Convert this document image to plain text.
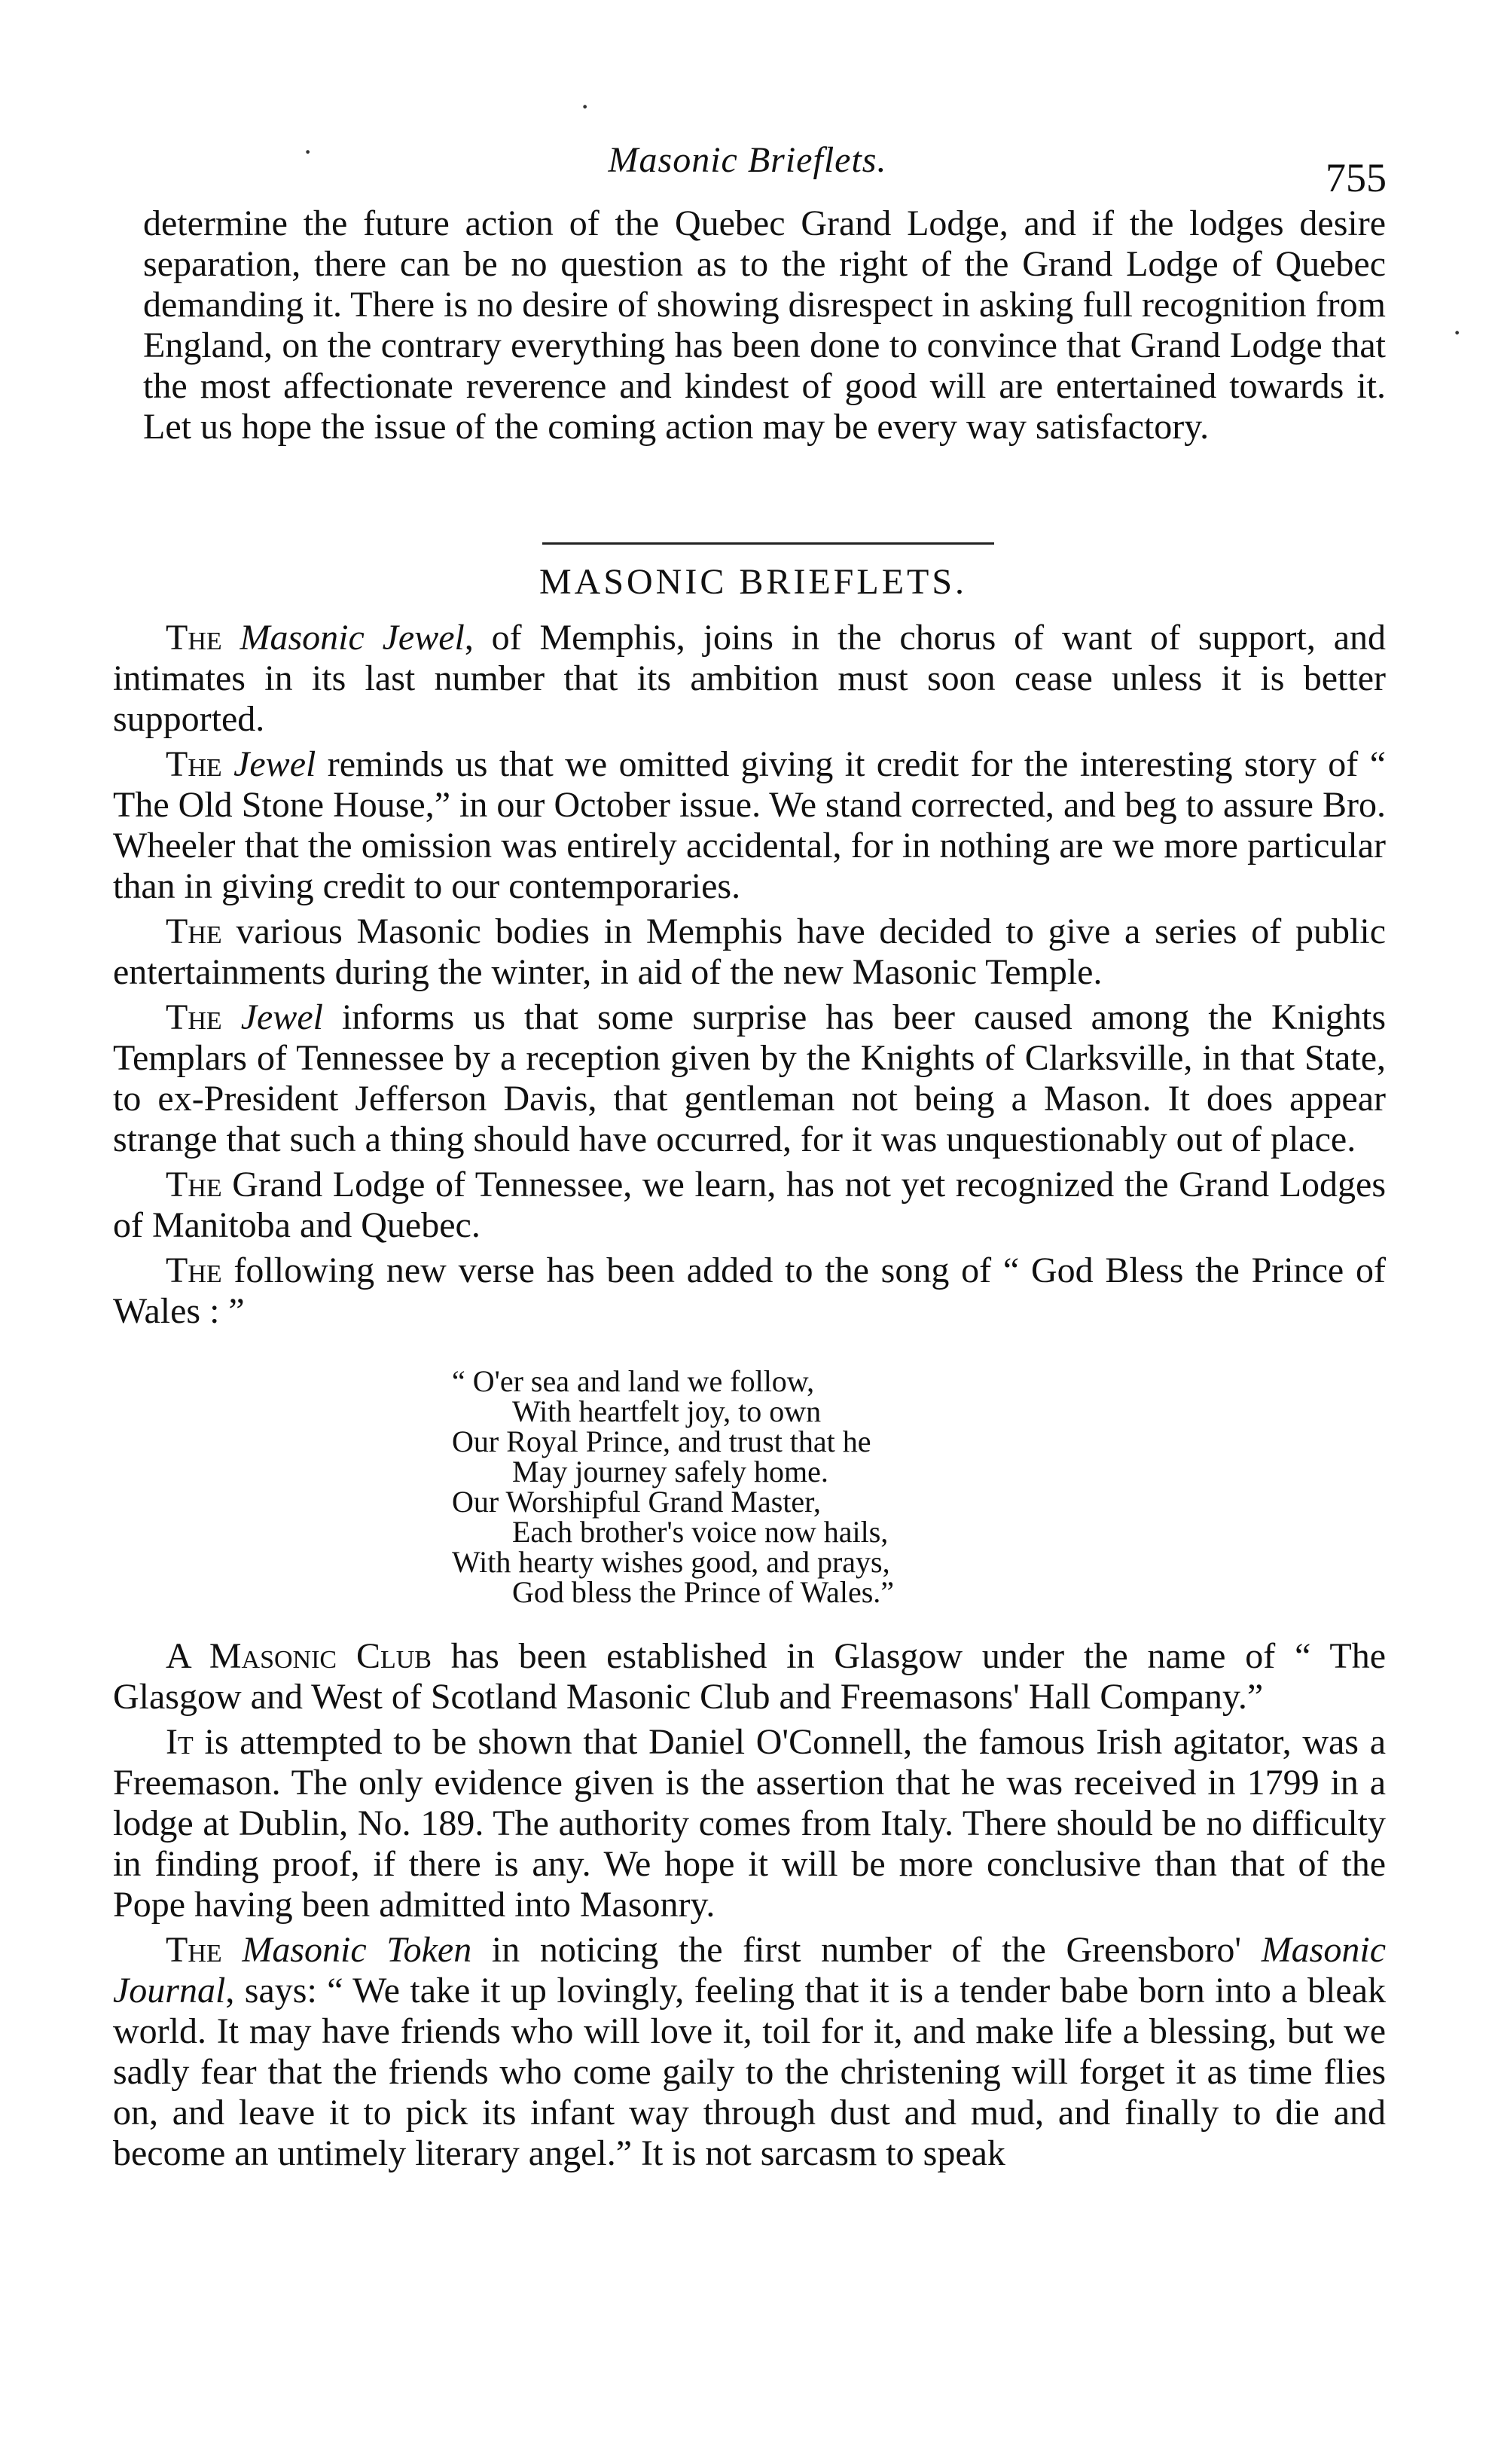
·
·
·
Masonic Brieflets.	755
determine the future action of the Quebec Grand Lodge, and if the lodges desire separation, there can be no question as to the right of the Grand Lodge of Quebec demanding it. There is no desire of showing disrespect in asking full recognition from England, on the contrary everything has been done to convince that Grand Lodge that the most affectionate reverence and kindest of good will are entertained towards it. Let us hope the issue of the coming action may be every way satisfactory.
MASONIC BRIEFLETS.

The Masonic Jewel, of Memphis, joins in the chorus of want of support, and intimates in its last number that its ambition must soon cease unless it is better supported.

The Jewel reminds us that we omitted giving it credit for the interesting story of “ The Old Stone House,” in our October issue. We stand corrected, and beg to assure Bro. Wheeler that the omission was entirely accidental, for in nothing are we more particular than in giving credit to our contemporaries.

The various Masonic bodies in Memphis have decided to give a series of public entertainments during the winter, in aid of the new Masonic Temple.

The Jewel informs us that some surprise has beer caused among the Knights Templars of Tennessee by a reception given by the Knights of Clarksville, in that State, to ex-President Jefferson Davis, that gentleman not being a Mason. It does appear strange that such a thing should have occurred, for it was unquestionably out of place.

The Grand Lodge of Tennessee, we learn, has not yet recognized the Grand Lodges of Manitoba and Quebec.

The following new verse has been added to the song of “ God Bless the Prince of Wales : ”

“ O'er sea and land we follow,
With heartfelt joy, to own
Our Royal Prince, and trust that he
May journey safely home.
Our Worshipful Grand Master,
Each brother's voice now hails,
With hearty wishes good, and prays,
God bless the Prince of Wales.”

A Masonic Club has been established in Glasgow under the name of “ The Glasgow and West of Scotland Masonic Club and Freemasons' Hall Company.”

It is attempted to be shown that Daniel O'Connell, the famous Irish agitator, was a Freemason. The only evidence given is the assertion that he was received in 1799 in a lodge at Dublin, No. 189. The authority comes from Italy. There should be no difficulty in finding proof, if there is any. We hope it will be more conclusive than that of the Pope having been admitted into Masonry.

The Masonic Token in noticing the first number of the Greensboro' Masonic Journal, says: “ We take it up lovingly, feeling that it is a tender babe born into a bleak world. It may have friends who will love it, toil for it, and make life a blessing, but we sadly fear that the friends who come gaily to the christening will forget it as time flies on, and leave it to pick its infant way through dust and mud, and finally to die and become an untimely literary angel.” It is not sarcasm to speak
